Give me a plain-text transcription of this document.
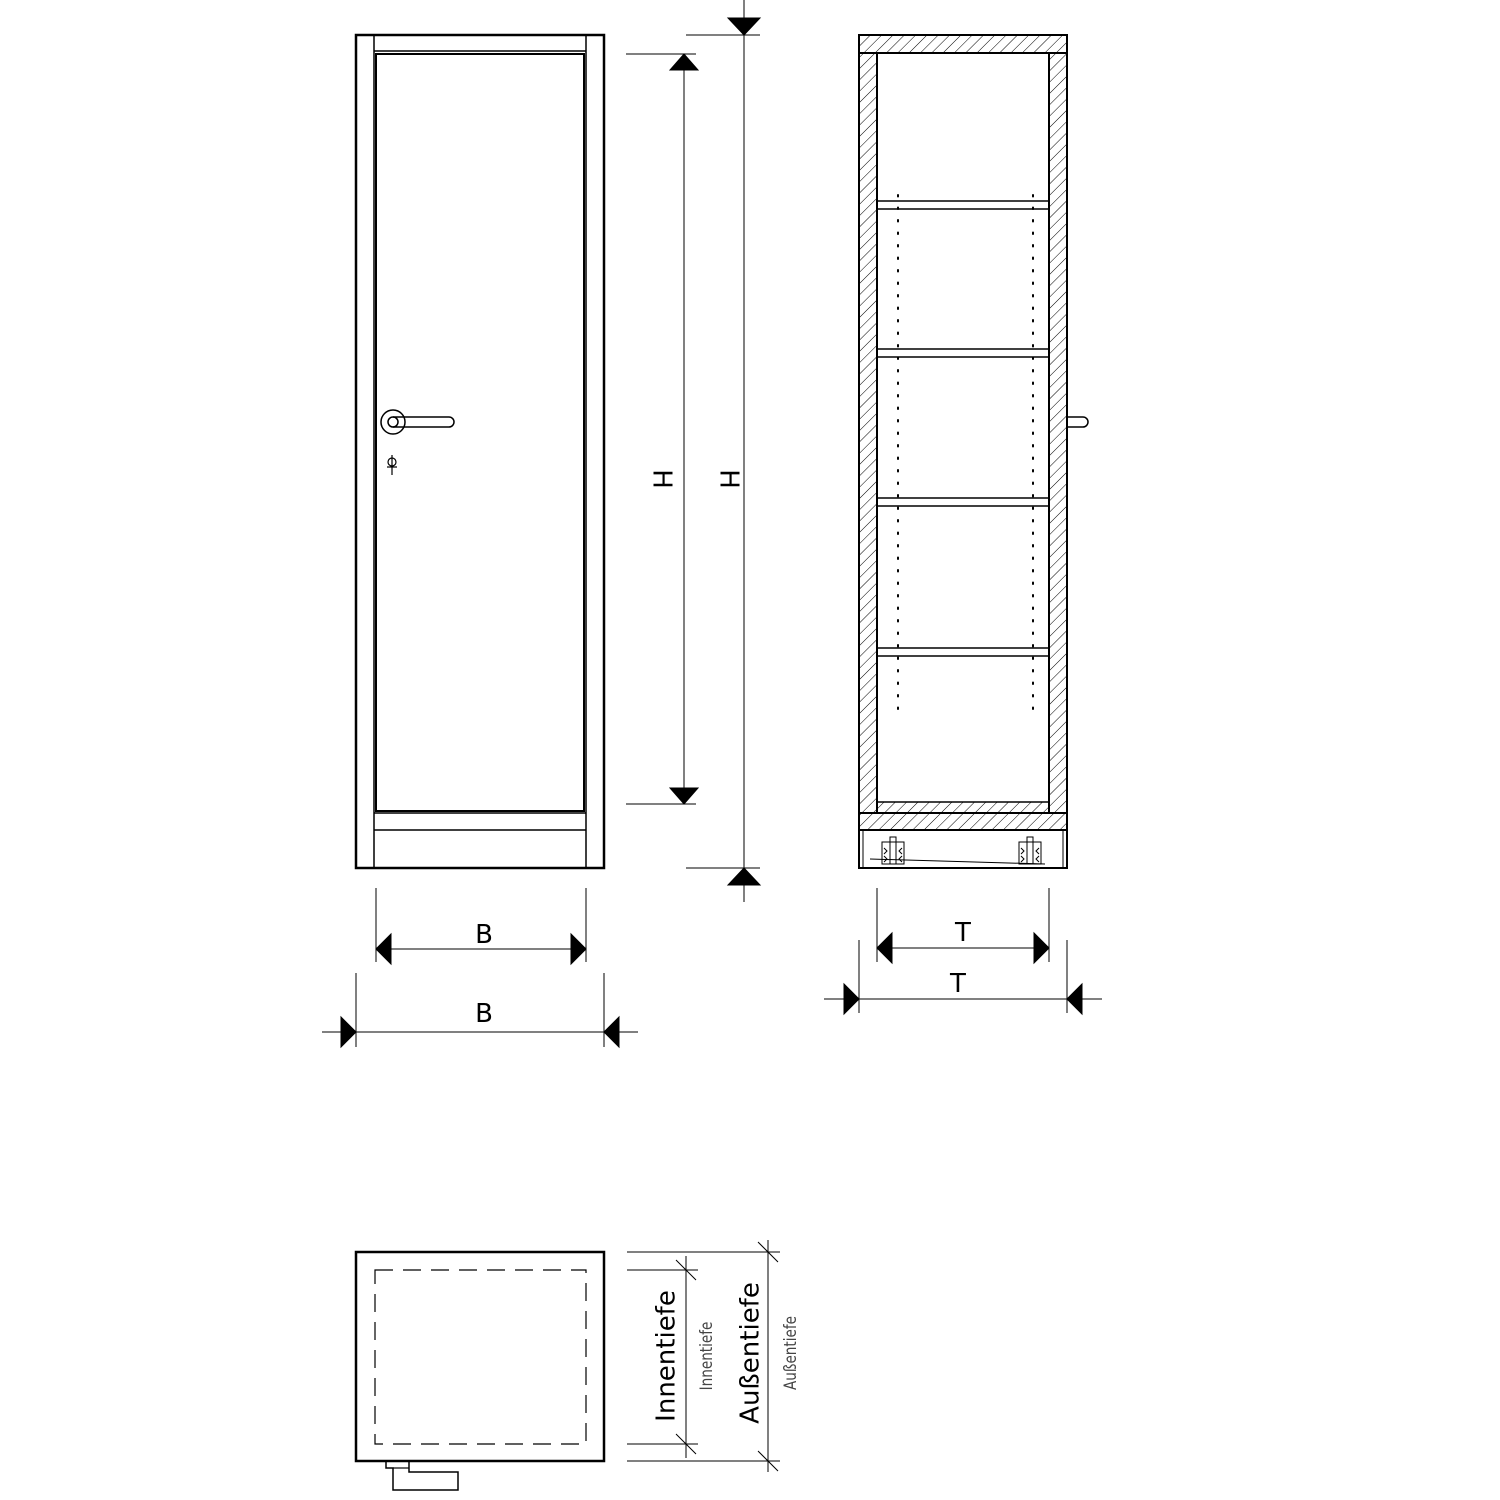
H H
B
B
T
T
Innentiefe Innentiefe Außentiefe Außentiefe
